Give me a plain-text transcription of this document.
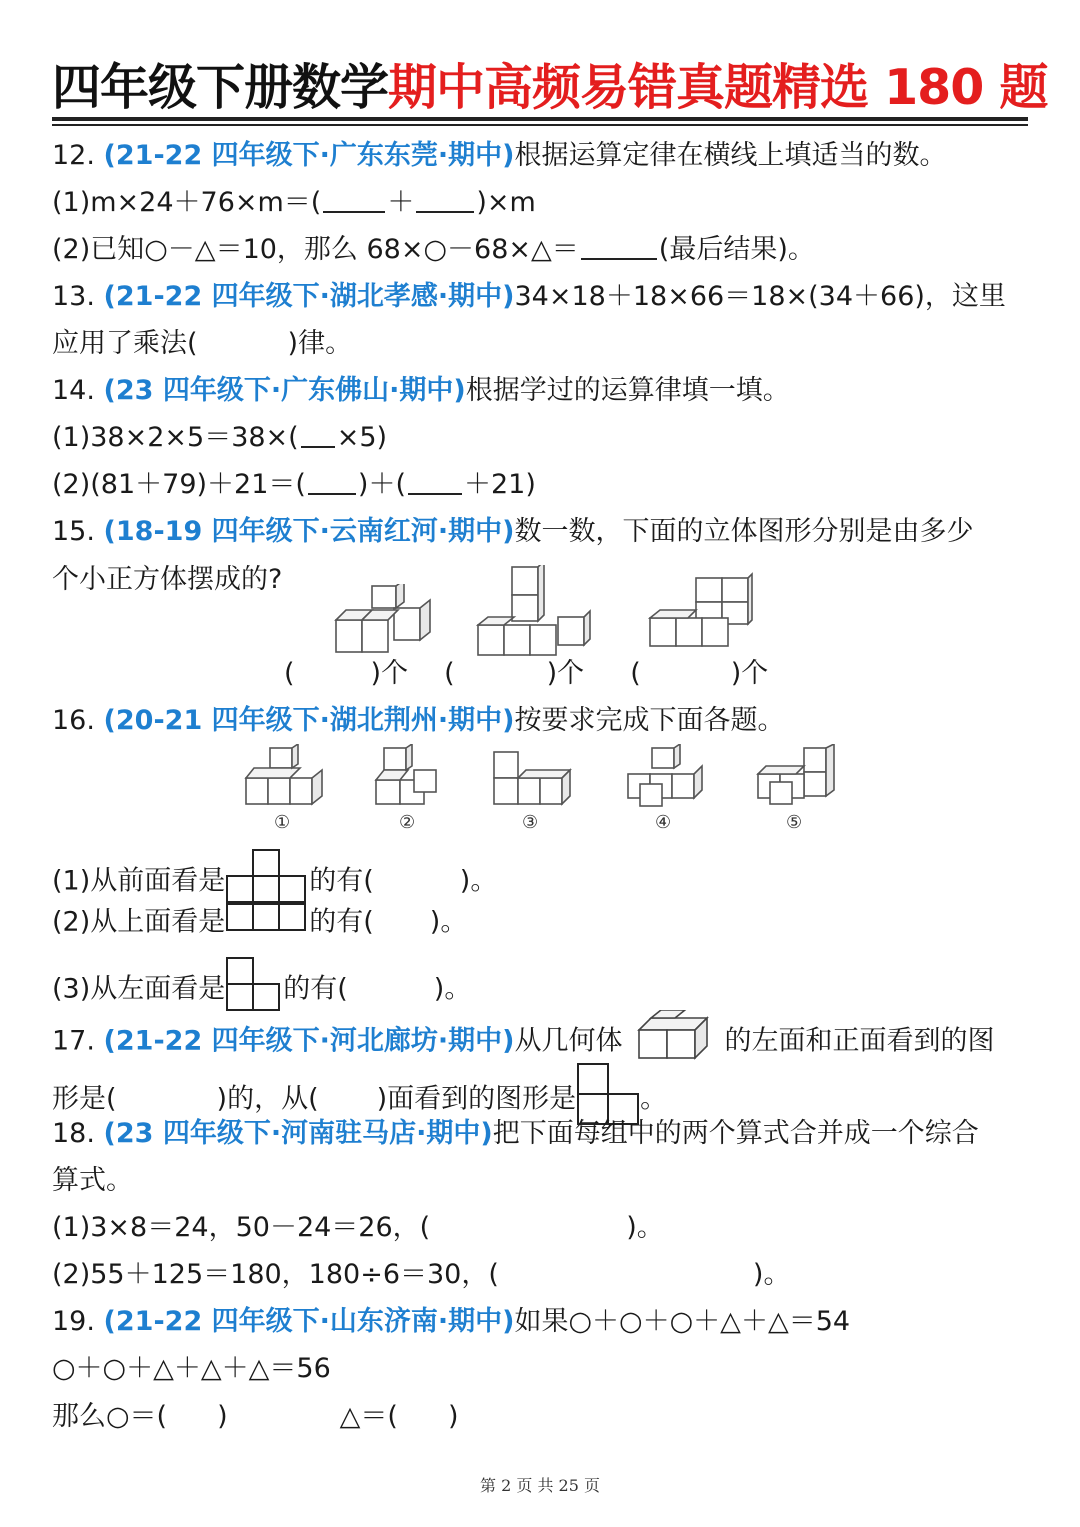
四年级下册数学期中高频易错真题精选 180 题
12. (21-22 四年级下·广东东莞·期中)根据运算定律在横线上填适当的数。
(1)m×24＋76×m＝( ＋ )×m
(2)已知○－△＝10，那么 68×○－68×△＝	(最后结果)。
13. (21-22 四年级下·湖北孝感·期中)34×18＋18×66＝18×(34＋66)，这里
应用了乘法(	)律。
14. (23 四年级下·广东佛山·期中)根据学过的运算律填一填。
(1)38×2×5＝38×( ×5)
(2)(81＋79)＋21＝( )＋( ＋21)
15. (18-19 四年级下·云南红河·期中)数一数，下面的立体图形分别是由多少
个小正方体摆成的?
(	)个 (	)个 (	)个
16. (20-21 四年级下·湖北荆州·期中)按要求完成下面各题。
①	②	③	④	⑤
(1)从前面看是	的有(	)。
(2)从上面看是	的有( )。
(3)从左面看是 的有(	)。
17. (21-22 四年级下·河北廊坊·期中)从几何体	的左面和正面看到的图
形是(	)的，从( )面看到的图形是 。
18. (23 四年级下·河南驻马店·期中)把下面每组中的两个算式合并成一个综合
算式。
(1)3×8＝24，50－24＝26，(	)。
(2)55＋125＝180，180÷6＝30，(	)。
19. (21-22 四年级下·山东济南·期中)如果○＋○＋○＋△＋△＝54
○＋○＋△＋△＋△＝56
那么○＝( )	△＝( )
第 2 页 共 25 页
